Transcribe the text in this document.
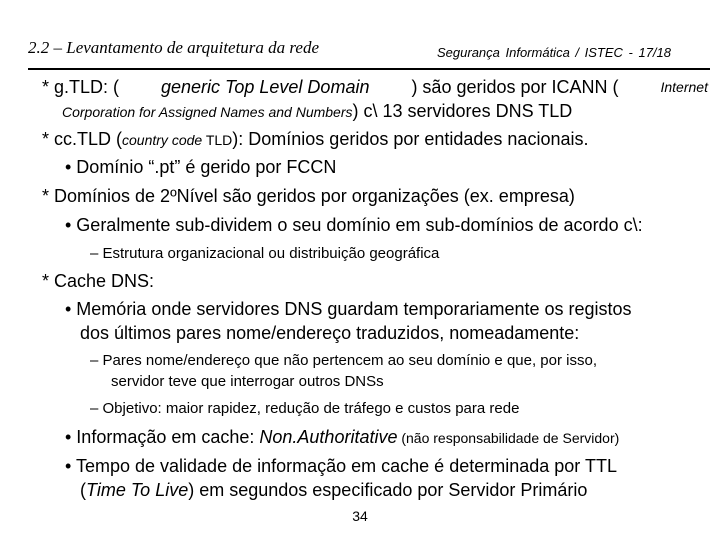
2.2 – Levantamento de arquitetura da rede	Segurança Informática / ISTEC - 17/18
* g.TLD: ( generic Top Level Domain ) são geridos por ICANN (	Internet
Corporation for Assigned Names and Numbers) c\ 13 servidores DNS TLD
* cc.TLD (country code TLD): Domínios geridos por entidades nacionais.
• Domínio “.pt” é gerido por FCCN
* Domínios de 2ºNível são geridos por organizações (ex. empresa)
• Geralmente sub-dividem o seu domínio em sub-domínios de acordo c\:
– Estrutura organizacional ou distribuição geográfica
* Cache DNS:
• Memória onde servidores DNS guardam temporariamente os registos
dos últimos pares nome/endereço traduzidos, nomeadamente:
– Pares nome/endereço que não pertencem ao seu domínio e que, por isso,
servidor teve que interrogar outros DNSs
– Objetivo: maior rapidez, redução de tráfego e custos para rede
• Informação em cache: Non.Authoritative (não responsabilidade de Servidor)
• Tempo de validade de informação em cache é determinada por TTL
(Time To Live) em segundos especificado por Servidor Primário
34
